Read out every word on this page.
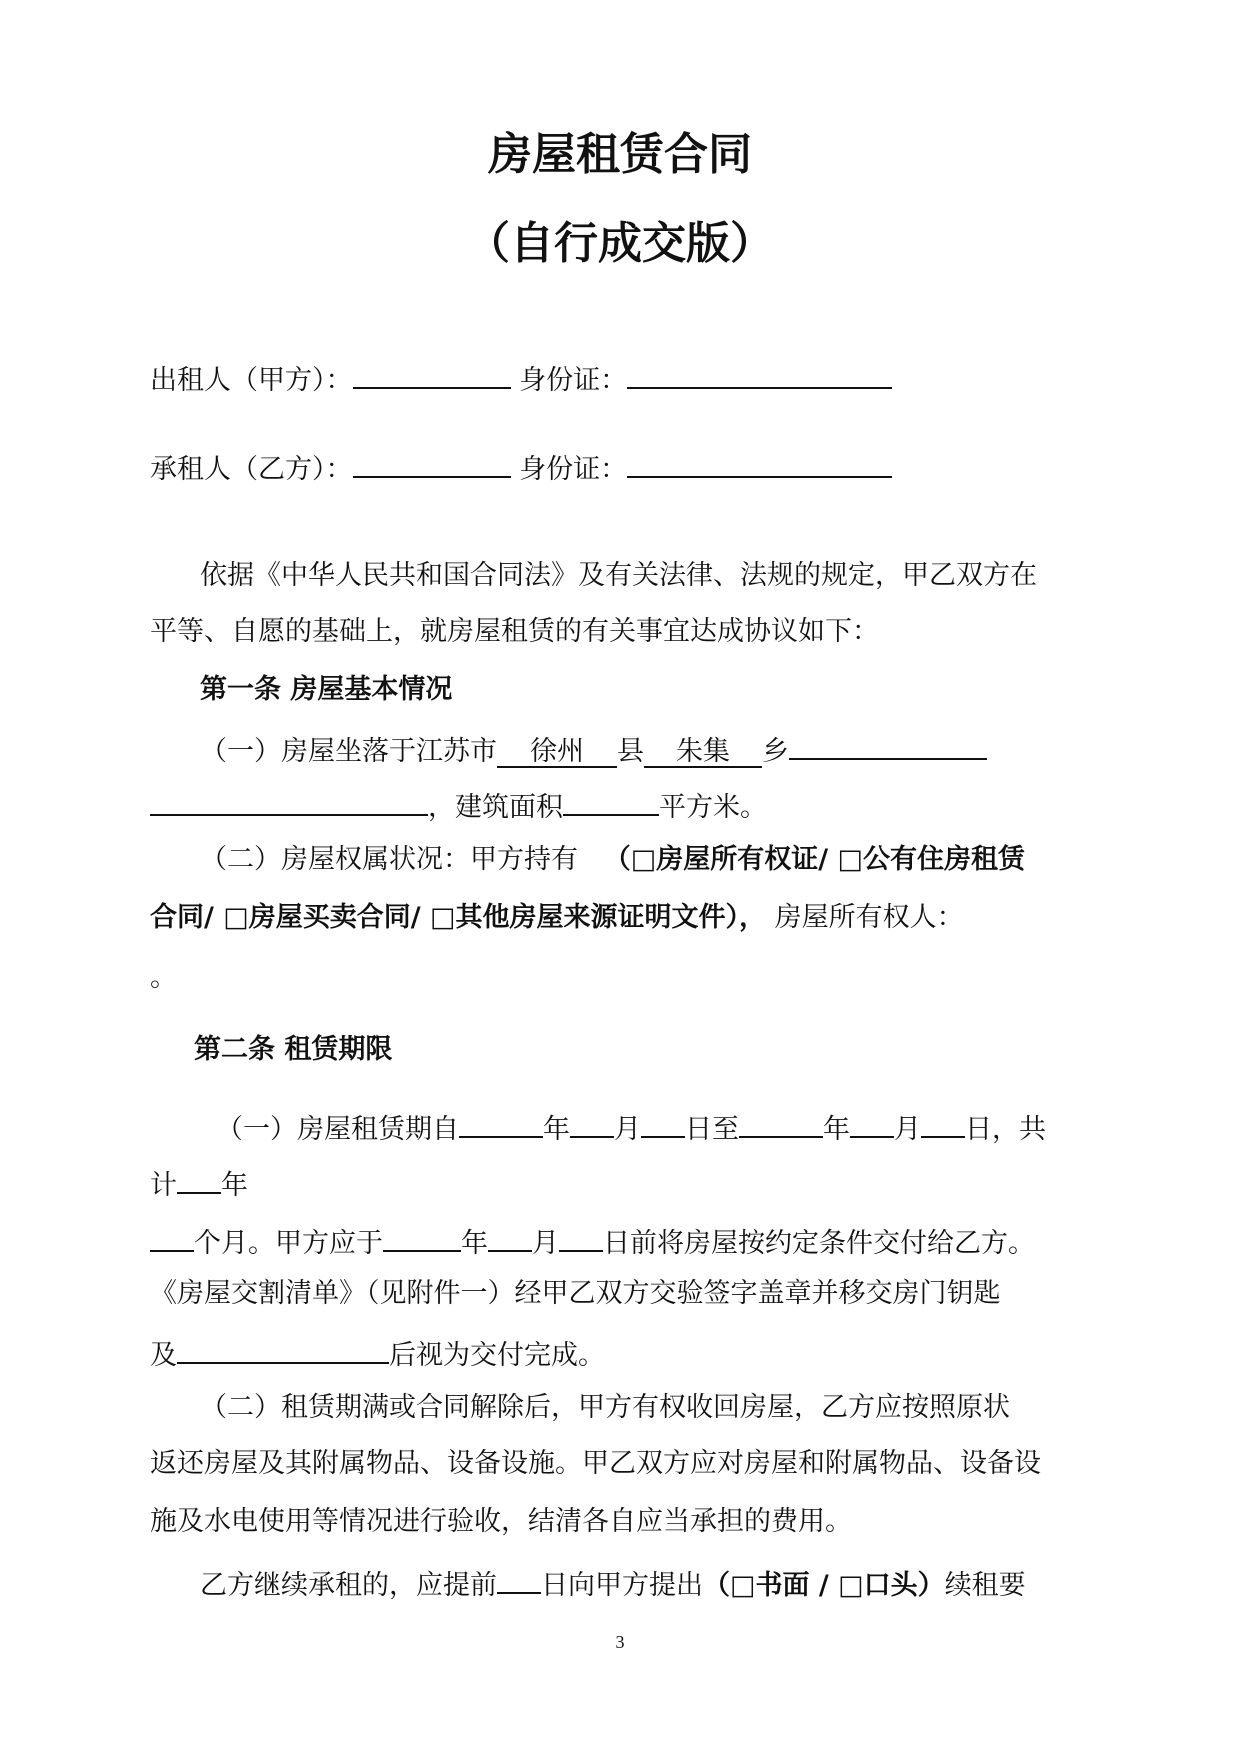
房屋租赁合同
（自行成交版）
出租人（甲方）：	身份证：
承租人（乙方）：	身份证：
依据《中华人民共和国合同法》及有关法律、法规的规定，甲乙双方在
平等、自愿的基础上，就房屋租赁的有关事宜达成协议如下：
第一条 房屋基本情况
（一）房屋坐落于江苏市 徐州 县 朱集 乡
，建筑面积	平方米。
（二）房屋权属状况：甲方持有 （□房屋所有权证/ □公有住房租赁
合同/ □房屋买卖合同/ □其他房屋来源证明文件）， 房屋所有权人：
。
第二条 租赁期限
（一）房屋租赁期自	年 月 日至	年 月 日，共
计 年
个月。甲方应于	年 月 日前将房屋按约定条件交付给乙方。
《房屋交割清单》（见附件一）经甲乙双方交验签字盖章并移交房门钥匙
及	后视为交付完成。
（二）租赁期满或合同解除后，甲方有权收回房屋，乙方应按照原状
返还房屋及其附属物品、设备设施。甲乙双方应对房屋和附属物品、设备设
施及水电使用等情况进行验收，结清各自应当承担的费用。
乙方继续承租的，应提前 日向甲方提出（□书面 / □口头）续租要
3
